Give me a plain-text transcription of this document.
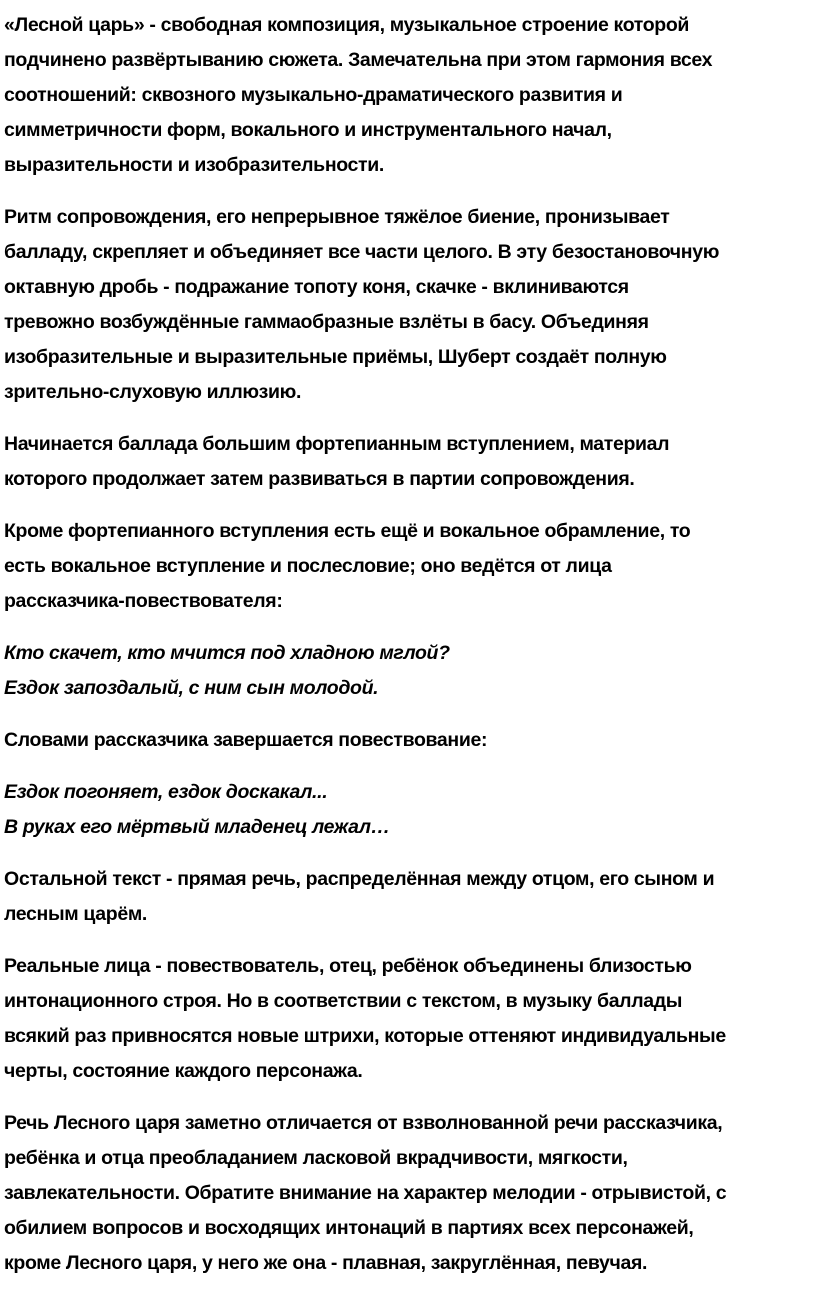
«Лесной царь» - свободная композиция, музыкальное строение которой
подчинено развёртыванию сюжета. Замечательна при этом гармония всех
соотношений: сквозного музыкально-драматического развития и
симметричности форм, вокального и инструментального начал,
выразительности и изобразительности.

Ритм сопровождения, его непрерывное тяжёлое биение, пронизывает
балладу, скрепляет и объединяет все части целого. В эту безостановочную
октавную дробь - подражание топоту коня, скачке - вклиниваются
тревожно возбуждённые гаммаобразные взлёты в басу. Объединяя
изобразительные и выразительные приёмы, Шуберт создаёт полную
зрительно-слуховую иллюзию.

Начинается баллада большим фортепианным вступлением, материал
которого продолжает затем развиваться в партии сопровождения.

Кроме фортепианного вступления есть ещё и вокальное обрамление, то
есть вокальное вступление и послесловие; оно ведётся от лица
рассказчика-повествователя:

Кто скачет, кто мчится под хладною мглой?
Ездок запоздалый, с ним сын молодой.

Словами рассказчика завершается повествование:

Ездок погоняет, ездок доскакал...
В руках его мёртвый младенец лежал…

Остальной текст - прямая речь, распределённая между отцом, его сыном и
лесным царём.

Реальные лица - повествователь, отец, ребёнок объединены близостью
интонационного строя. Но в соответствии с текстом, в музыку баллады
всякий раз привносятся новые штрихи, которые оттеняют индивидуальные
черты, состояние каждого персонажа.

Речь Лесного царя заметно отличается от взволнованной речи рассказчика,
ребёнка и отца преобладанием ласковой вкрадчивости, мягкости,
завлекательности. Обратите внимание на характер мелодии - отрывистой, с
обилием вопросов и восходящих интонаций в партиях всех персонажей,
кроме Лесного царя, у него же она - плавная, закруглённая, певучая.
